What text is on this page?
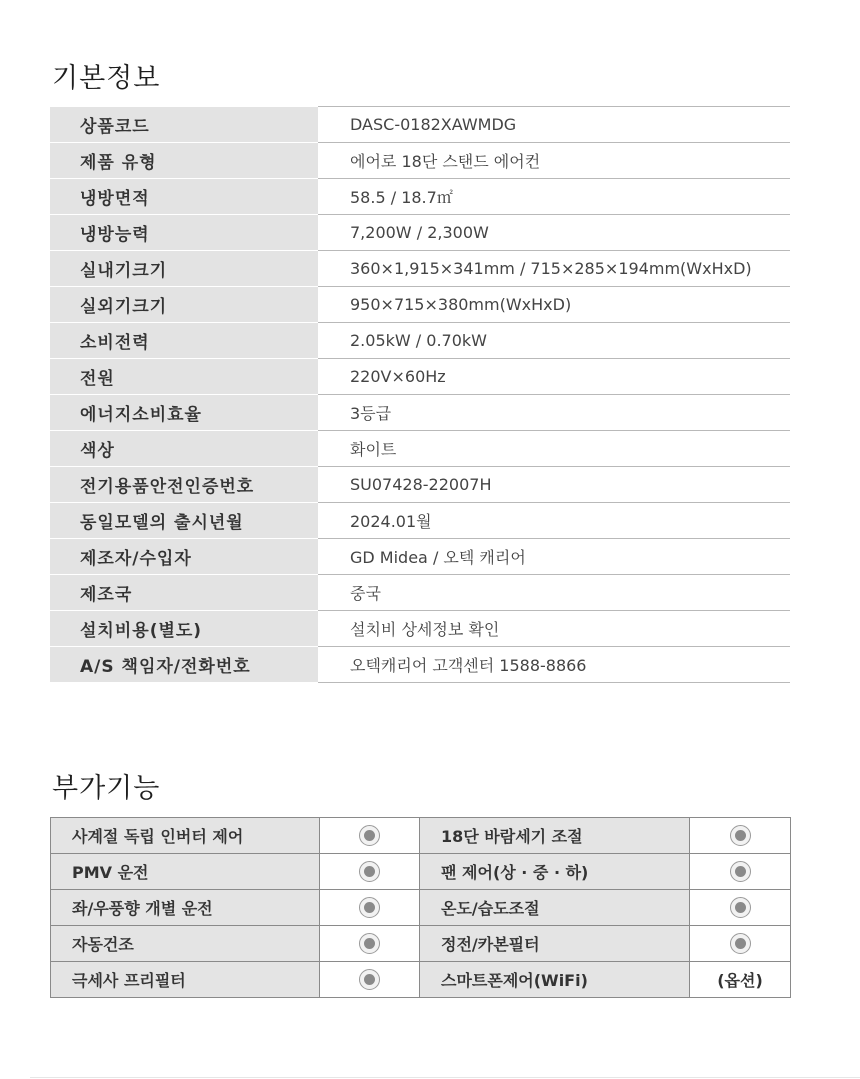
기본정보
상품코드	DASC-0182XAWMDG
제품 유형	에어로 18단 스탠드 에어컨
냉방면적	58.5 / 18.7㎡
냉방능력	7,200W / 2,300W
실내기크기	360×1,915×341mm / 715×285×194mm(WxHxD)
실외기크기	950×715×380mm(WxHxD)
소비전력	2.05kW / 0.70kW
전원	220V×60Hz
에너지소비효율	3등급
색상	화이트
전기용품안전인증번호	SU07428-22007H
동일모델의 출시년월	2024.01월
제조자/수입자	GD Midea / 오텍 캐리어
제조국	중국
설치비용(별도)	설치비 상세정보 확인
A/S 책임자/전화번호	오텍캐리어 고객센터 1588-8866
부가기능
사계절 독립 인버터 제어		18단 바람세기 조절	
PMV 운전		팬 제어(상 · 중 · 하)	
좌/우풍향 개별 운전		온도/습도조절	
자동건조		정전/카본필터	
극세사 프리필터		스마트폰제어(WiFi)	(옵션)
